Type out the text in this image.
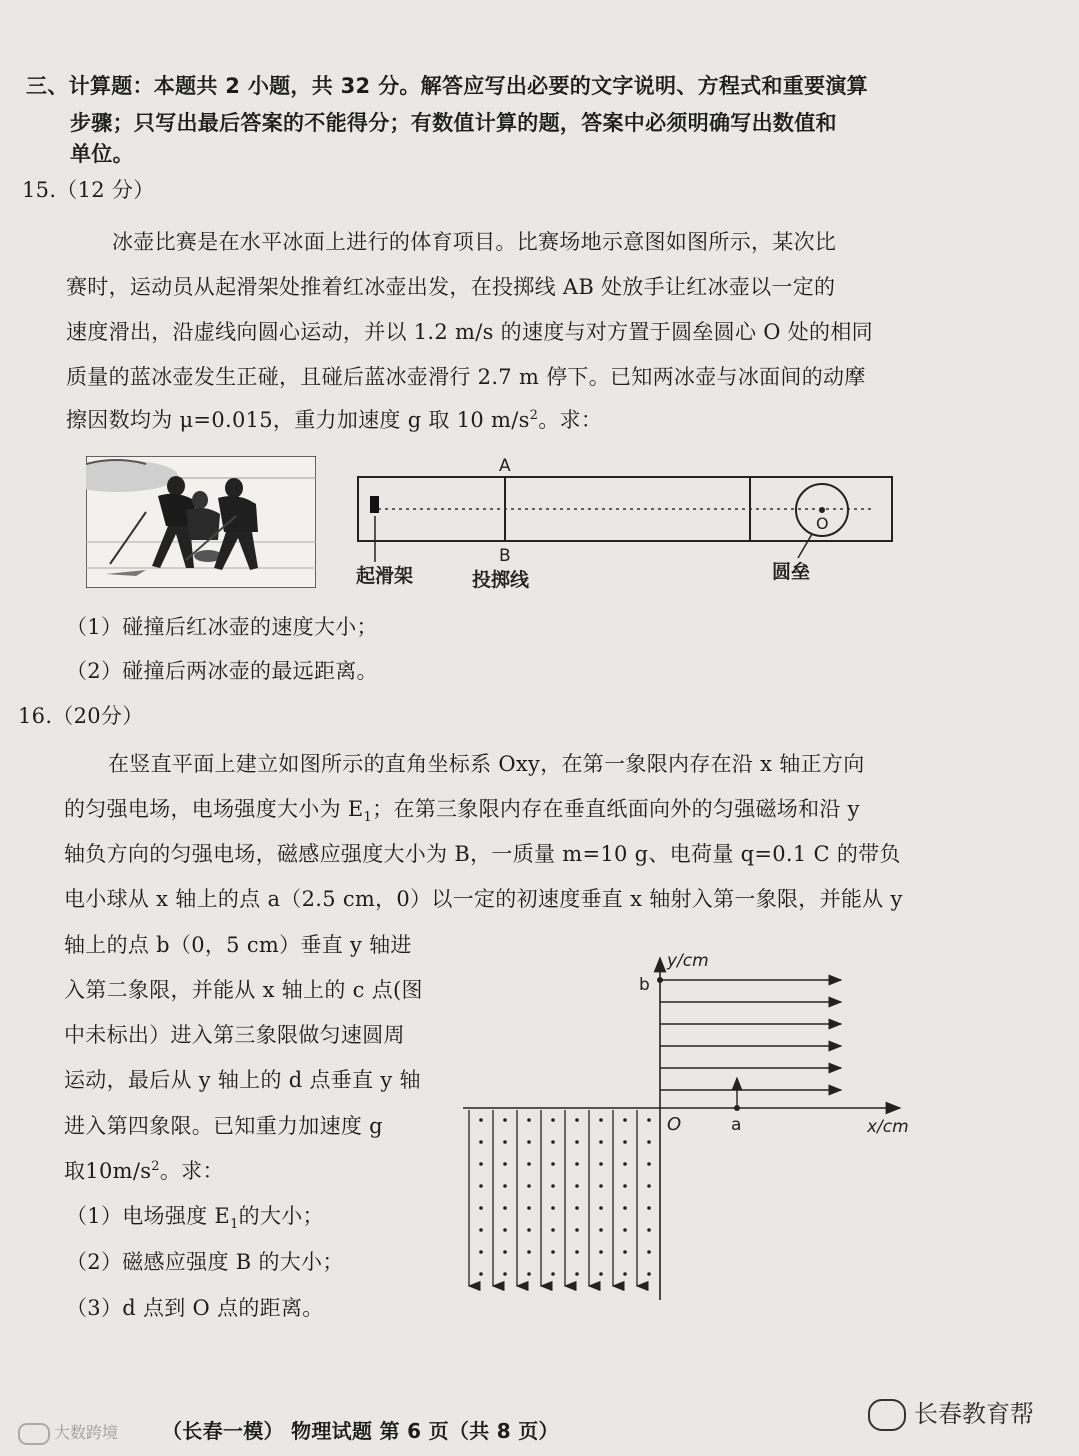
三、计算题：本题共 2 小题，共 32 分。解答应写出必要的文字说明、方程式和重要演算
步骤；只写出最后答案的不能得分；有数值计算的题，答案中必须明确写出数值和
单位。
15.（12 分）
冰壶比赛是在水平冰面上进行的体育项目。比赛场地示意图如图所示，某次比
赛时，运动员从起滑架处推着红冰壶出发，在投掷线 AB 处放手让红冰壶以一定的
速度滑出，沿虚线向圆心运动，并以 1.2 m/s 的速度与对方置于圆垒圆心 O 处的相同
质量的蓝冰壶发生正碰，且碰后蓝冰壶滑行 2.7 m 停下。已知两冰壶与冰面间的动摩
擦因数均为 μ=0.015，重力加速度 g 取 10 $m/s^2$。求：
A
B
O
起滑架	投掷线	圆垒
（1）碰撞后红冰壶的速度大小；
（2）碰撞后两冰壶的最远距离。
16.（20分）
在竖直平面上建立如图所示的直角坐标系 Oxy，在第一象限内存在沿 x 轴正方向
的匀强电场，电场强度大小为 $E_1$；在第三象限内存在垂直纸面向外的匀强磁场和沿 y
轴负方向的匀强电场，磁感应强度大小为 B，一质量 m=10 g、电荷量 q=0.1 C 的带负
电小球从 x 轴上的点 a（2.5 cm，0）以一定的初速度垂直 x 轴射入第一象限，并能从 y
轴上的点 b（0，5 cm）垂直 y 轴进
入第二象限，并能从 x 轴上的 c 点(图
中未标出）进入第三象限做匀速圆周
运动，最后从 y 轴上的 d 点垂直 y 轴
进入第四象限。已知重力加速度 g
取$10m/s^2$。求：
（1）电场强度 $E_1$的大小；
（2）磁感应强度 B 的大小；
（3）d 点到 O 点的距离。
y/cm
x/cm
O	a
b
（长春一模） 物理试题 第 6 页（共 8 页）
大数跨境
长春教育帮
